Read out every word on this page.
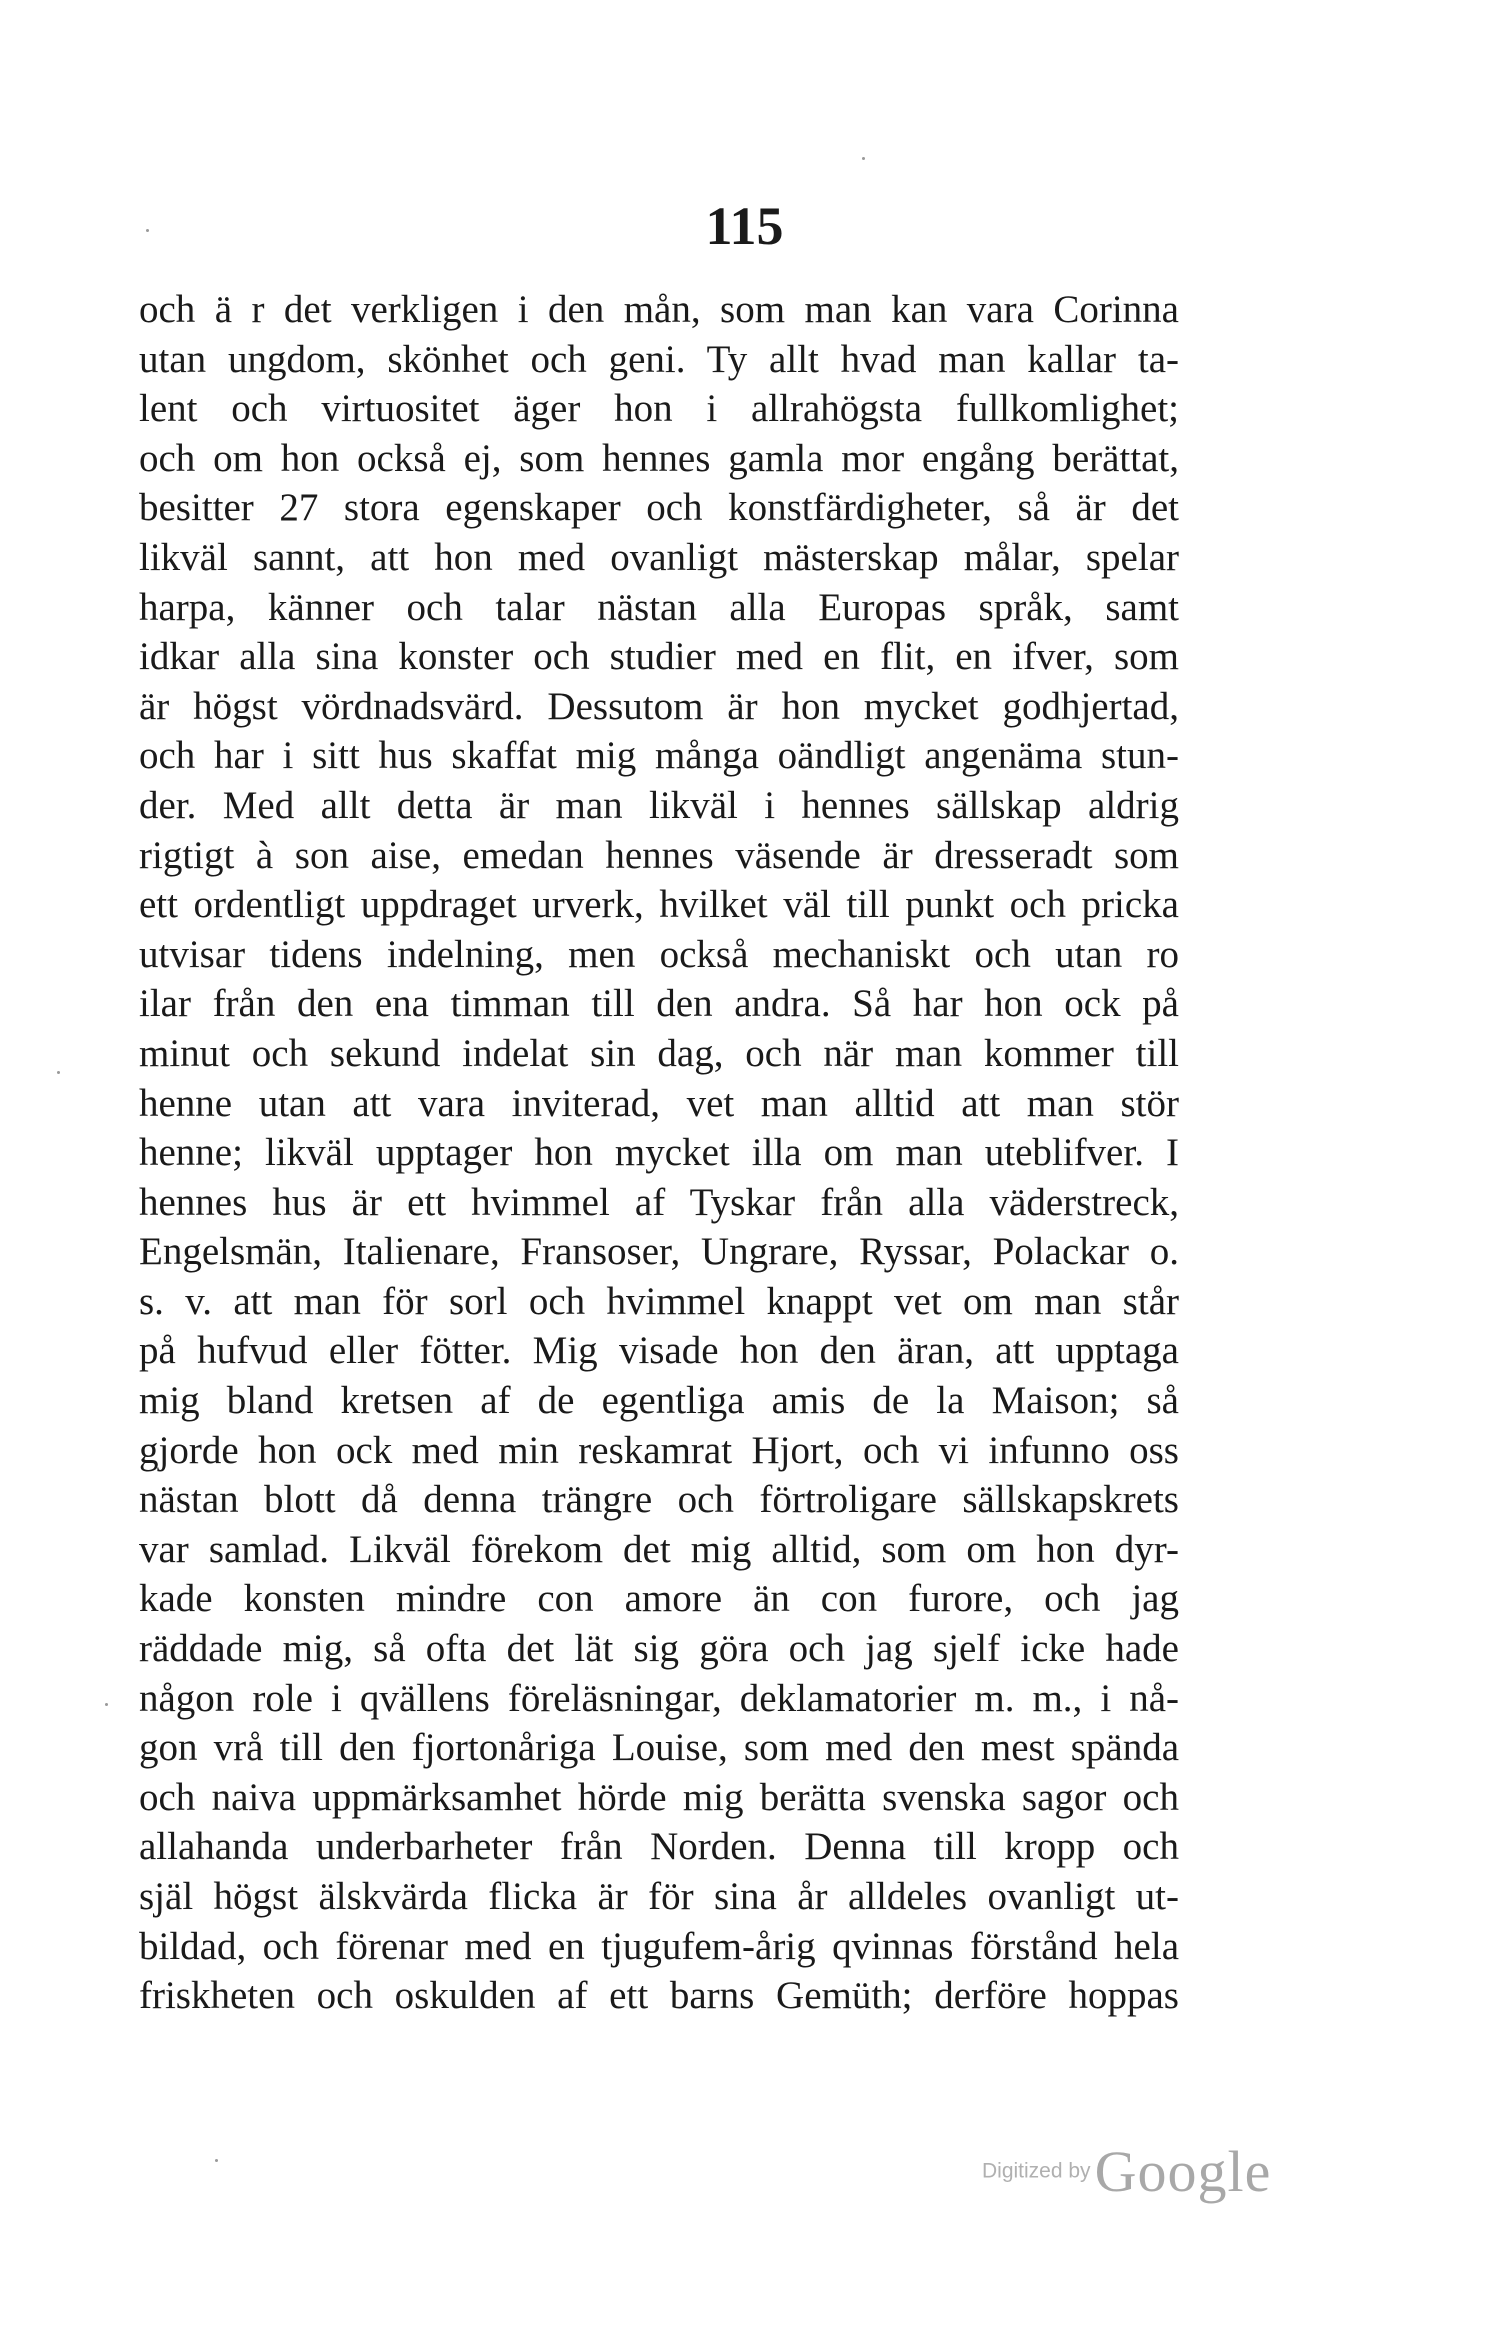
115
och ä r det verkligen i den mån, som man kan vara Corinna
utan ungdom, skönhet och geni. Ty allt hvad man kallar ta-
lent och virtuositet äger hon i allrahögsta fullkomlighet;
och om hon också ej, som hennes gamla mor engång berättat,
besitter 27 stora egenskaper och konstfärdigheter, så är det
likväl sannt, att hon med ovanligt mästerskap målar, spelar
harpa, känner och talar nästan alla Europas språk, samt
idkar alla sina konster och studier med en flit, en ifver, som
är högst vördnadsvärd. Dessutom är hon mycket godhjertad,
och har i sitt hus skaffat mig många oändligt angenäma stun-
der. Med allt detta är man likväl i hennes sällskap aldrig
rigtigt à son aise, emedan hennes väsende är dresseradt som
ett ordentligt uppdraget urverk, hvilket väl till punkt och pricka
utvisar tidens indelning, men också mechaniskt och utan ro
ilar från den ena timman till den andra. Så har hon ock på
minut och sekund indelat sin dag, och när man kommer till
henne utan att vara inviterad, vet man alltid att man stör
henne; likväl upptager hon mycket illa om man uteblifver. I
hennes hus är ett hvimmel af Tyskar från alla väderstreck,
Engelsmän, Italienare, Fransoser, Ungrare, Ryssar, Polackar o.
s. v. att man för sorl och hvimmel knappt vet om man står
på hufvud eller fötter. Mig visade hon den äran, att upptaga
mig bland kretsen af de egentliga amis de la Maison; så
gjorde hon ock med min reskamrat Hjort, och vi infunno oss
nästan blott då denna trängre och förtroligare sällskapskrets
var samlad. Likväl förekom det mig alltid, som om hon dyr-
kade konsten mindre con amore än con furore, och jag
räddade mig, så ofta det lät sig göra och jag sjelf icke hade
någon role i qvällens föreläsningar, deklamatorier m. m., i nå-
gon vrå till den fjortonåriga Louise, som med den mest spända
och naiva uppmärksamhet hörde mig berätta svenska sagor och
allahanda underbarheter från Norden. Denna till kropp och
själ högst älskvärda flicka är för sina år alldeles ovanligt ut-
bildad, och förenar med en tjugufem-årig qvinnas förstånd hela
friskheten och oskulden af ett barns Gemüth; derföre hoppas
Digitized by Google
